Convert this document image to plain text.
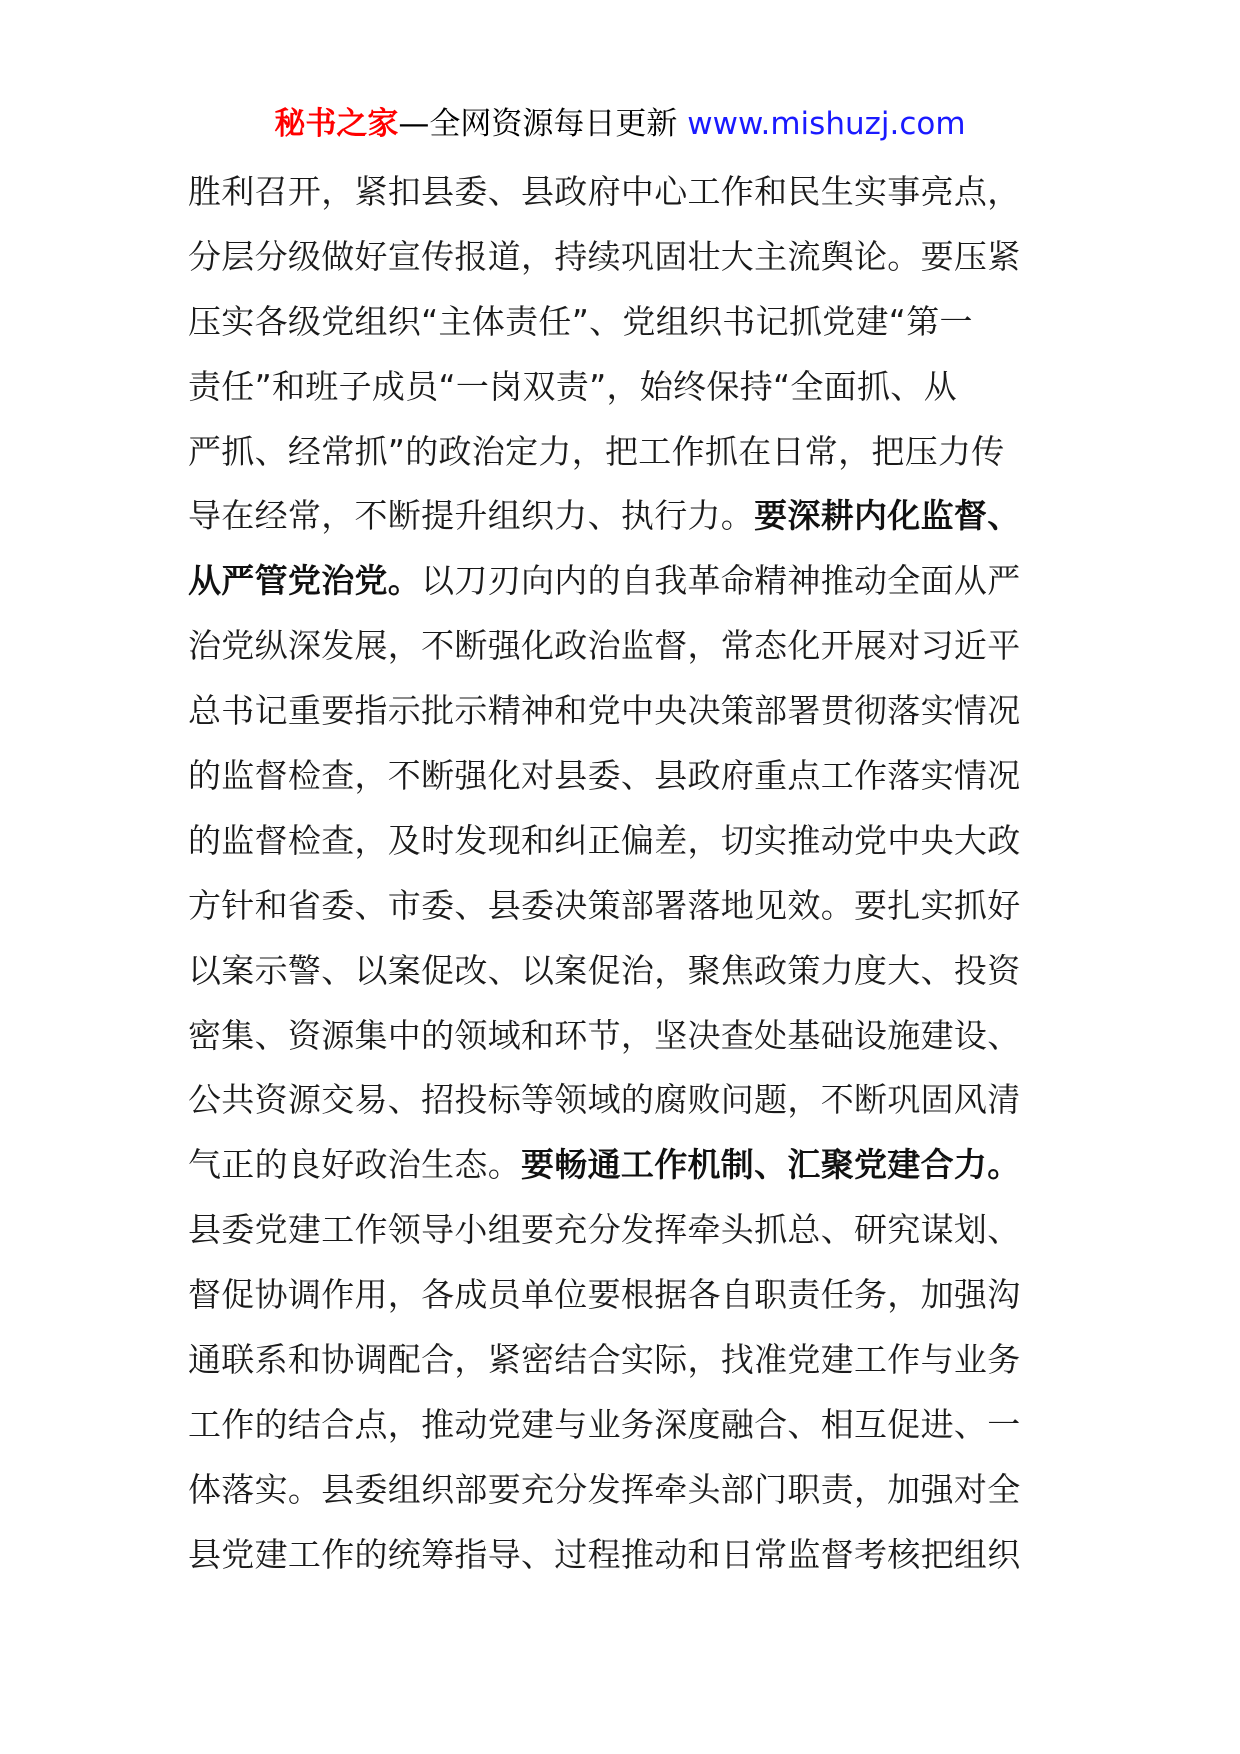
秘书之家—全网资源每日更新 www.mishuzj.com
胜利召开，紧扣县委、县政府中心工作和民生实事亮点，
分层分级做好宣传报道，持续巩固壮大主流舆论。要压紧
压实各级党组织“主体责任”、党组织书记抓党建“第一
责任”和班子成员“一岗双责”，始终保持“全面抓、从
严抓、经常抓”的政治定力，把工作抓在日常，把压力传
导在经常，不断提升组织力、执行力。要深耕内化监督、
从严管党治党。以刀刃向内的自我革命精神推动全面从严
治党纵深发展，不断强化政治监督，常态化开展对习近平
总书记重要指示批示精神和党中央决策部署贯彻落实情况
的监督检查，不断强化对县委、县政府重点工作落实情况
的监督检查，及时发现和纠正偏差，切实推动党中央大政
方针和省委、市委、县委决策部署落地见效。要扎实抓好
以案示警、以案促改、以案促治，聚焦政策力度大、投资
密集、资源集中的领域和环节，坚决查处基础设施建设、
公共资源交易、招投标等领域的腐败问题，不断巩固风清
气正的良好政治生态。要畅通工作机制、汇聚党建合力。
县委党建工作领导小组要充分发挥牵头抓总、研究谋划、
督促协调作用，各成员单位要根据各自职责任务，加强沟
通联系和协调配合，紧密结合实际，找准党建工作与业务
工作的结合点，推动党建与业务深度融合、相互促进、一
体落实。县委组织部要充分发挥牵头部门职责，加强对全
县党建工作的统筹指导、过程推动和日常监督考核把组织
